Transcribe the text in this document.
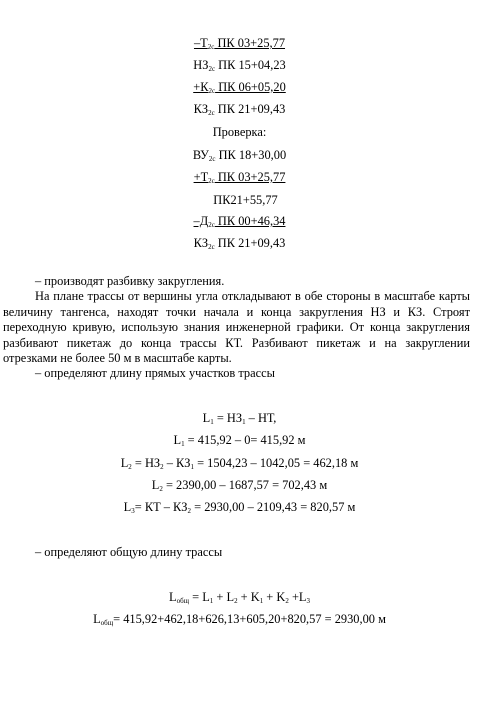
$-Т_{2с}$ ПК 03+25,77
$НЗ_{2с}$ ПК 15+04,23
$+К_{2с}$ ПК 06+05,20
$КЗ_{2с}$ ПК 21+09,43
Проверка:
$ВУ_{2с}$ ПК 18+30,00
$+Т_{2с}$ ПК 03+25,77
ПК21+55,77
$-Д_{2с}$ ПК 00+46,34
$КЗ_{2с}$ ПК 21+09,43
– производят разбивку закругления.

На плане трассы от вершины угла откладывают в обе стороны в масштабе карты величину тангенса, находят точки начала и конца закругления НЗ и КЗ. Строят переходную кривую, использую знания инженерной графики. От конца закругления разбивают пикетаж до конца трассы КТ. Разбивают пикетаж и на закруглении отрезками не более 50 м в масштабе карты.

– определяют длину прямых участков трассы
$L_1 = НЗ_1$ – НТ,
$L_1 = 415,92 - 0= 415,92$ м
$L_2 = НЗ_2 - КЗ_1 = 1504,23 - 1042,05 = 462,18$ м
$L_2 = 2390,00 - 1687,57 = 702,43$ м
$L_3=$ КТ – $КЗ_2 = 2930,00 - 2109,43 = 820,57$ м
– определяют общую длину трассы
$L_{общ} = L_1 + L_2 + K_1 + K_2 +L_3$
$L_{общ}= 415,92+462,18+626,13+605,20+820,57 = 2930,00$ м
